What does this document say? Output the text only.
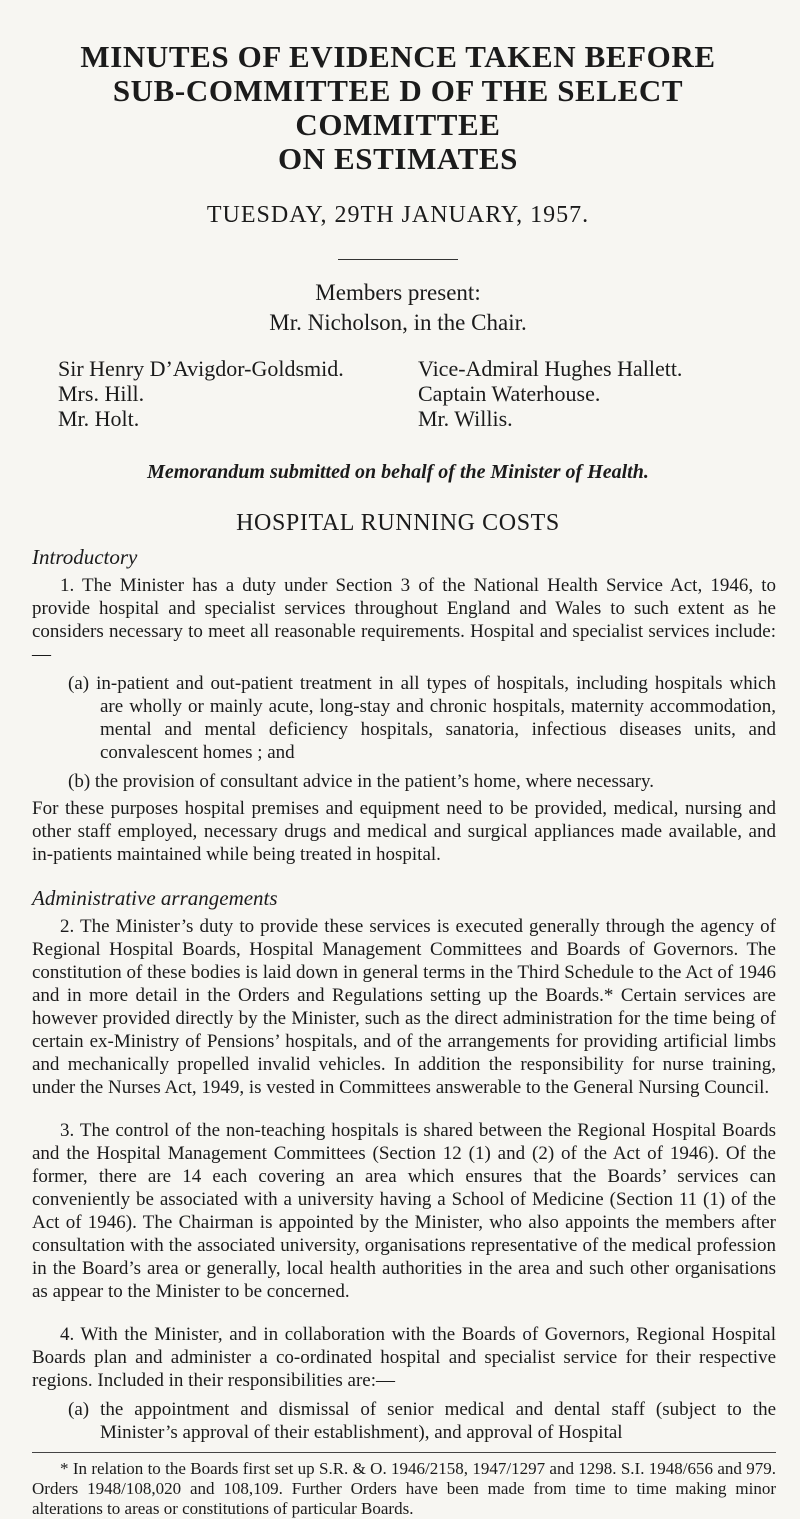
MINUTES OF EVIDENCE TAKEN BEFORE

SUB-COMMITTEE D OF THE SELECT COMMITTEE

ON ESTIMATES

TUESDAY, 29TH JANUARY, 1957.

Members present:

Mr. Nicholson, in the Chair.

Sir Henry D’Avigdor-Goldsmid.	Vice-Admiral Hughes Hallett.
Mrs. Hill.	Captain Waterhouse.
Mr. Holt.	Mr. Willis.

Memorandum submitted on behalf of the Minister of Health.

HOSPITAL RUNNING COSTS

Introductory

1. The Minister has a duty under Section 3 of the National Health Service Act, 1946, to provide hospital and specialist services throughout England and Wales to such extent as he considers necessary to meet all reasonable requirements. Hospital and specialist services include:—

(a) in-patient and out-patient treatment in all types of hospitals, including hospitals which are wholly or mainly acute, long-stay and chronic hospitals, maternity accommodation, mental and mental deficiency hospitals, sanatoria, infectious diseases units, and convalescent homes ; and

(b) the provision of consultant advice in the patient’s home, where necessary.

For these purposes hospital premises and equipment need to be provided, medical, nursing and other staff employed, necessary drugs and medical and surgical appliances made available, and in-patients maintained while being treated in hospital.

Administrative arrangements

2. The Minister’s duty to provide these services is executed generally through the agency of Regional Hospital Boards, Hospital Management Committees and Boards of Governors. The constitution of these bodies is laid down in general terms in the Third Schedule to the Act of 1946 and in more detail in the Orders and Regulations setting up the Boards.* Certain services are however provided directly by the Minister, such as the direct administration for the time being of certain ex-Ministry of Pensions’ hospitals, and of the arrangements for providing artificial limbs and mechanically propelled invalid vehicles. In addition the responsibility for nurse training, under the Nurses Act, 1949, is vested in Committees answerable to the General Nursing Council.

3. The control of the non-teaching hospitals is shared between the Regional Hospital Boards and the Hospital Management Committees (Section 12 (1) and (2) of the Act of 1946). Of the former, there are 14 each covering an area which ensures that the Boards’ services can conveniently be associated with a university having a School of Medicine (Section 11 (1) of the Act of 1946). The Chairman is appointed by the Minister, who also appoints the members after consultation with the associated university, organisations representative of the medical profession in the Board’s area or generally, local health authorities in the area and such other organisations as appear to the Minister to be concerned.

4. With the Minister, and in collaboration with the Boards of Governors, Regional Hospital Boards plan and administer a co-ordinated hospital and specialist service for their respective regions. Included in their responsibilities are:—

(a) the appointment and dismissal of senior medical and dental staff (subject to the Minister’s approval of their establishment), and approval of Hospital

* In relation to the Boards first set up S.R. & O. 1946/2158, 1947/1297 and 1298. S.I. 1948/656 and 979. Orders 1948/108,020 and 108,109. Further Orders have been made from time to time making minor alterations to areas or constitutions of particular Boards.
